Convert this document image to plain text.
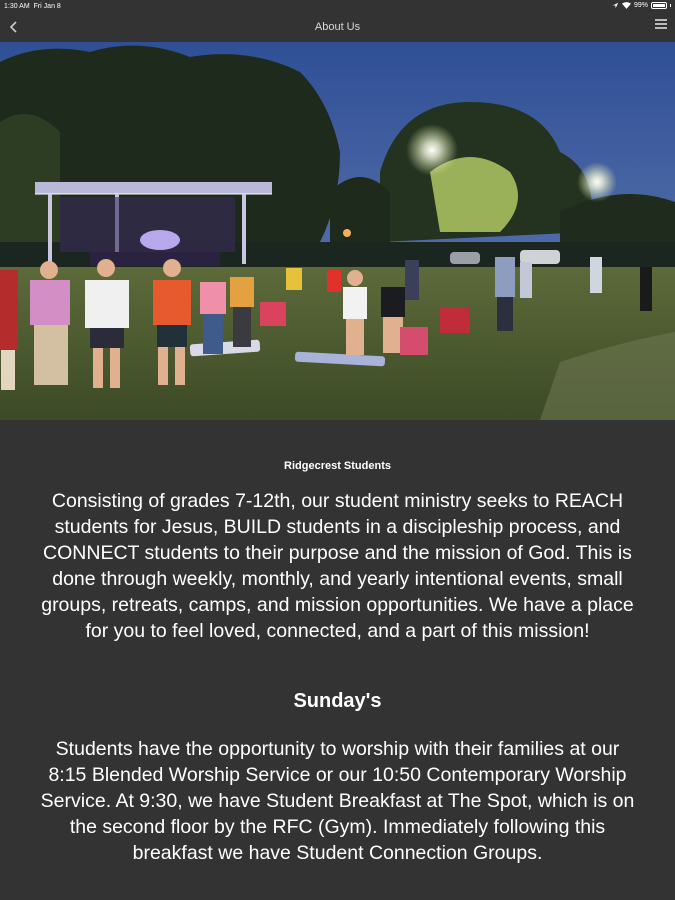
1:30 AM Fri Jan 8	99%
About Us
Ridgecrest Students
Consisting of grades 7-12th, our student ministry seeks to REACH students for Jesus, BUILD students in a discipleship process, and CONNECT students to their purpose and the mission of God. This is done through weekly, monthly, and yearly intentional events, small groups, retreats, camps, and mission opportunities. We have a place for you to feel loved, connected, and a part of this mission!
Sunday's
Students have the opportunity to worship with their families at our 8:15 Blended Worship Service or our 10:50 Contemporary Worship Service. At 9:30, we have Student Breakfast at The Spot, which is on the second floor by the RFC (Gym). Immediately following this breakfast we have Student Connection Groups.
